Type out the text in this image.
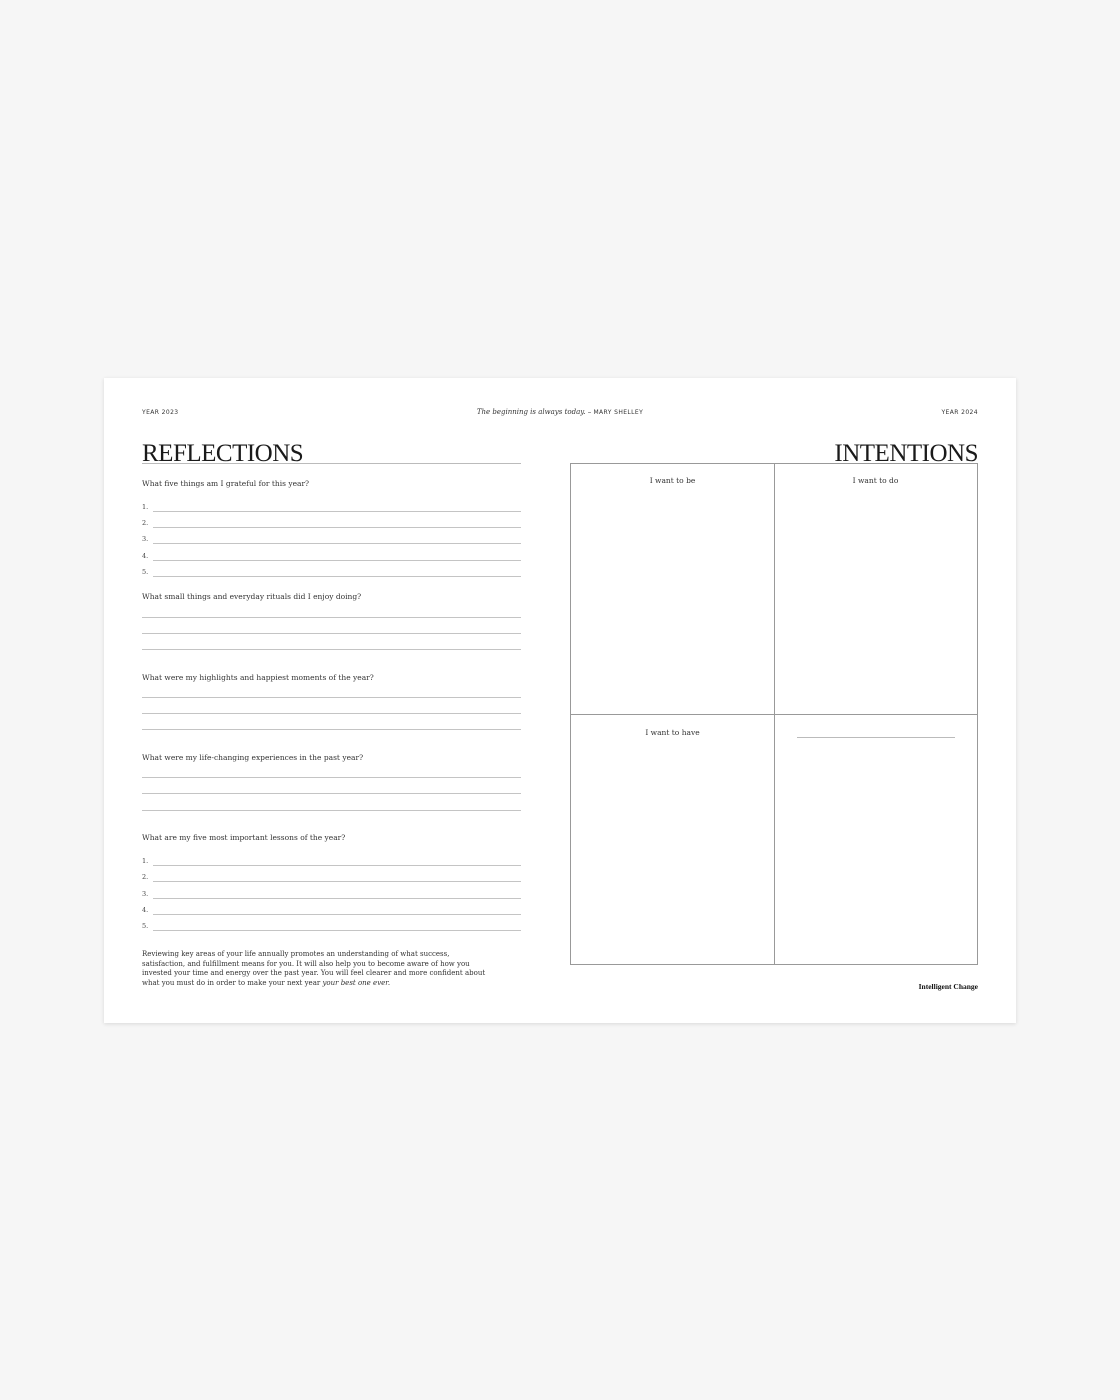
YEAR 2023	YEAR 2024
The beginning is always today. – MARY SHELLEY
REFLECTIONS	INTENTIONS
What five things am I grateful for this year?
1.
2.
3.
4.
5.
What small things and everyday rituals did I enjoy doing?
What were my highlights and happiest moments of the year?
What were my life-changing experiences in the past year?
What are my five most important lessons of the year?
1.
2.
3.
4.
5.
Reviewing key areas of your life annually promotes an understanding of what success, satisfaction, and fulfillment means for you. It will also help you to become aware of how you invested your time and energy over the past year. You will feel clearer and more confident about what you must do in order to make your next year your best one ever.
I want to be	I want to do
I want to have
Intelligent Change
